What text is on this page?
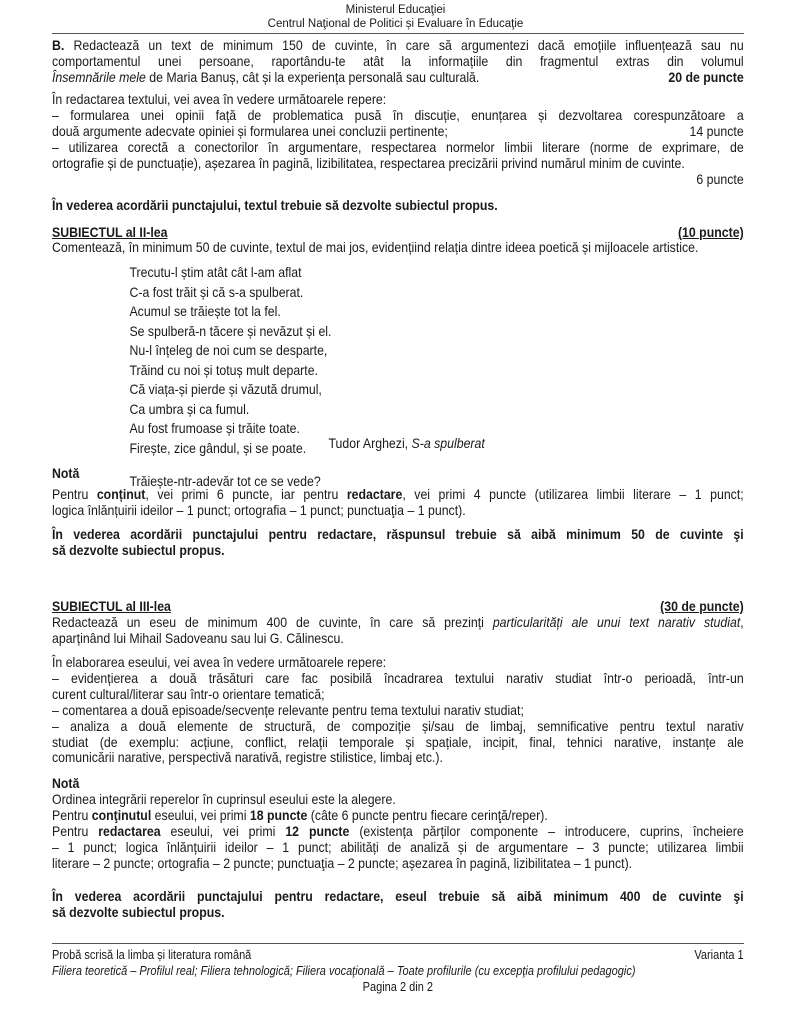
Ministerul Educaţiei
Centrul Naţional de Politici și Evaluare în Educaţie
B. Redactează un text de minimum 150 de cuvinte, în care să argumentezi dacă emoțiile influențează sau nu
comportamentul unei persoane, raportându-te atât la informațiile din fragmentul extras din volumul
Însemnările mele de Maria Banuș, cât și la experiența personală sau culturală.	20 de puncte
În redactarea textului, vei avea în vedere următoarele repere:
– formularea unei opinii față de problematica pusă în discuție, enunțarea și dezvoltarea corespunzătoare a
două argumente adecvate opiniei și formularea unei concluzii pertinente;	14 puncte
– utilizarea corectă a conectorilor în argumentare, respectarea normelor limbii literare (norme de exprimare, de
ortografie și de punctuație), așezarea în pagină, lizibilitatea, respectarea precizării privind numărul minim de cuvinte.
6 puncte
În vederea acordării punctajului, textul trebuie să dezvolte subiectul propus.
SUBIECTUL al II-lea	(10 puncte)
Comentează, în minimum 50 de cuvinte, textul de mai jos, evidențiind relația dintre ideea poetică și mijloacele artistice.
Trecutu-l știm atât cât l-am aflat
C-a fost trăit și că s-a spulberat.
Acumul se trăiește tot la fel.
Se spulberă-n tăcere și nevăzut și el.
Nu-l înțeleg de noi cum se desparte,
Trăind cu noi și totuș mult departe.
Că viața-și pierde și văzută drumul,
Ca umbra și ca fumul.
Au fost frumoase și trăite toate.
Firește, zice gândul, și se poate.
Trăiește-ntr-adevăr tot ce se vede?
Tudor Arghezi, S-a spulberat
Notă
Pentru conținut, vei primi 6 puncte, iar pentru redactare, vei primi 4 puncte (utilizarea limbii literare – 1 punct;
logica înlănțuirii ideilor – 1 punct; ortografia – 1 punct; punctuaţia – 1 punct).
În vederea acordării punctajului pentru redactare, răspunsul trebuie să aibă minimum 50 de cuvinte şi
să dezvolte subiectul propus.
SUBIECTUL al III-lea	(30 de puncte)
Redactează un eseu de minimum 400 de cuvinte, în care să prezinți particularități ale unui text narativ studiat,
aparținând lui Mihail Sadoveanu sau lui G. Călinescu.
În elaborarea eseului, vei avea în vedere următoarele repere:
– evidențierea a două trăsături care fac posibilă încadrarea textului narativ studiat într-o perioadă, într-un
curent cultural/literar sau într-o orientare tematică;
– comentarea a două episoade/secvențe relevante pentru tema textului narativ studiat;
– analiza a două elemente de structură, de compoziție și/sau de limbaj, semnificative pentru textul narativ
studiat (de exemplu: acțiune, conflict, relații temporale și spațiale, incipit, final, tehnici narative, instanțe ale
comunicării narative, perspectivă narativă, registre stilistice, limbaj etc.).
Notă
Ordinea integrării reperelor în cuprinsul eseului este la alegere.
Pentru conţinutul eseului, vei primi 18 puncte (câte 6 puncte pentru fiecare cerinţă/reper).
Pentru redactarea eseului, vei primi 12 puncte (existența părților componente – introducere, cuprins, încheiere
– 1 punct; logica înlănțuirii ideilor – 1 punct; abilități de analiză și de argumentare – 3 puncte; utilizarea limbii
literare – 2 puncte; ortografia – 2 puncte; punctuaţia – 2 puncte; așezarea în pagină, lizibilitatea – 1 punct).
În vederea acordării punctajului pentru redactare, eseul trebuie să aibă minimum 400 de cuvinte şi
să dezvolte subiectul propus.
Probă scrisă la limba și literatura română	Varianta 1
Filiera teoretică – Profilul real; Filiera tehnologică; Filiera vocaţională – Toate profilurile (cu excepţia profilului pedagogic)
Pagina 2 din 2
